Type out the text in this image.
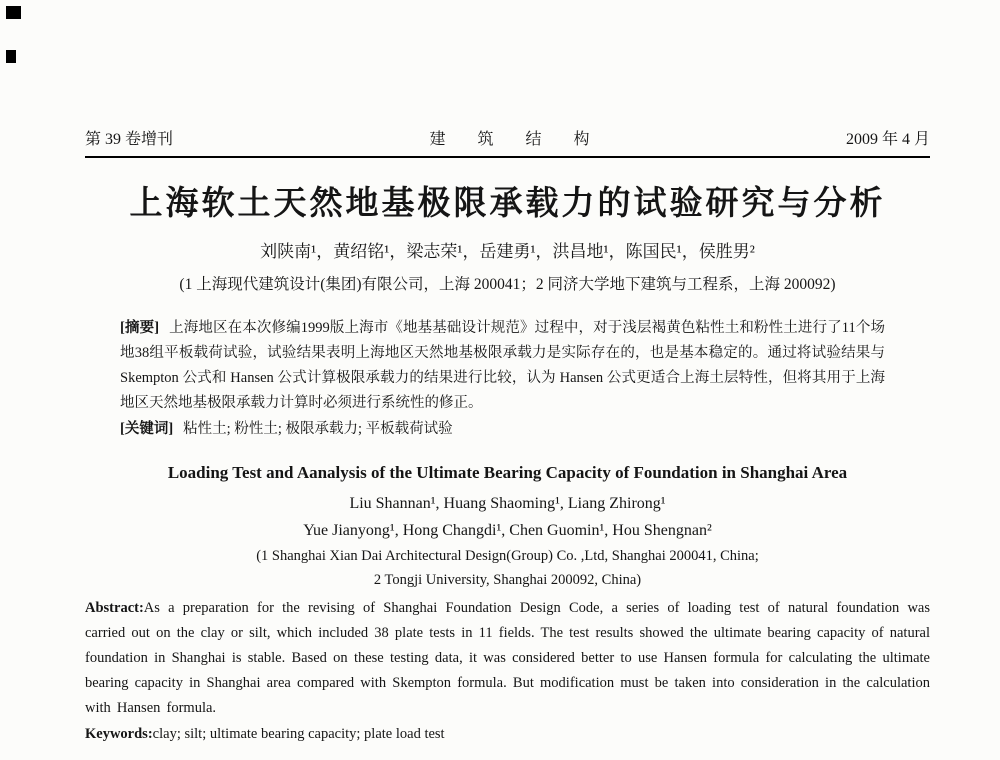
第 39 卷增刊	建 筑 结 构	2009 年 4 月
上海软土天然地基极限承载力的试验研究与分析
刘陕南¹，黄绍铭¹，梁志荣¹，岳建勇¹，洪昌地¹，陈国民¹，侯胜男²
(1 上海现代建筑设计(集团)有限公司，上海 200041；2 同济大学地下建筑与工程系，上海 200092)

[摘要] 上海地区在本次修编1999版上海市《地基基础设计规范》过程中，对于浅层褐黄色粘性土和粉性土进行了11个场地38组平板载荷试验，试验结果表明上海地区天然地基极限承载力是实际存在的，也是基本稳定的。通过将试验结果与 Skempton 公式和 Hansen 公式计算极限承载力的结果进行比较，认为 Hansen 公式更适合上海土层特性，但将其用于上海地区天然地基极限承载力计算时必须进行系统性的修正。

[关键词] 粘性土; 粉性土; 极限承载力; 平板载荷试验

Loading Test and Aanalysis of the Ultimate Bearing Capacity of Foundation in Shanghai Area
Liu Shannan¹, Huang Shaoming¹, Liang Zhirong¹
Yue Jianyong¹, Hong Changdi¹, Chen Guomin¹, Hou Shengnan²
(1 Shanghai Xian Dai Architectural Design(Group) Co. ,Ltd, Shanghai 200041, China;
2 Tongji University, Shanghai 200092, China)

Abstract:As a preparation for the revising of Shanghai Foundation Design Code, a series of loading test of natural foundation was carried out on the clay or silt, which included 38 plate tests in 11 fields. The test results showed the ultimate bearing capacity of natural foundation in Shanghai is stable. Based on these testing data, it was considered better to use Hansen formula for calculating the ultimate bearing capacity in Shanghai area compared with Skempton formula. But modification must be taken into consideration in the calculation with Hansen formula.

Keywords:clay; silt; ultimate bearing capacity; plate load test
